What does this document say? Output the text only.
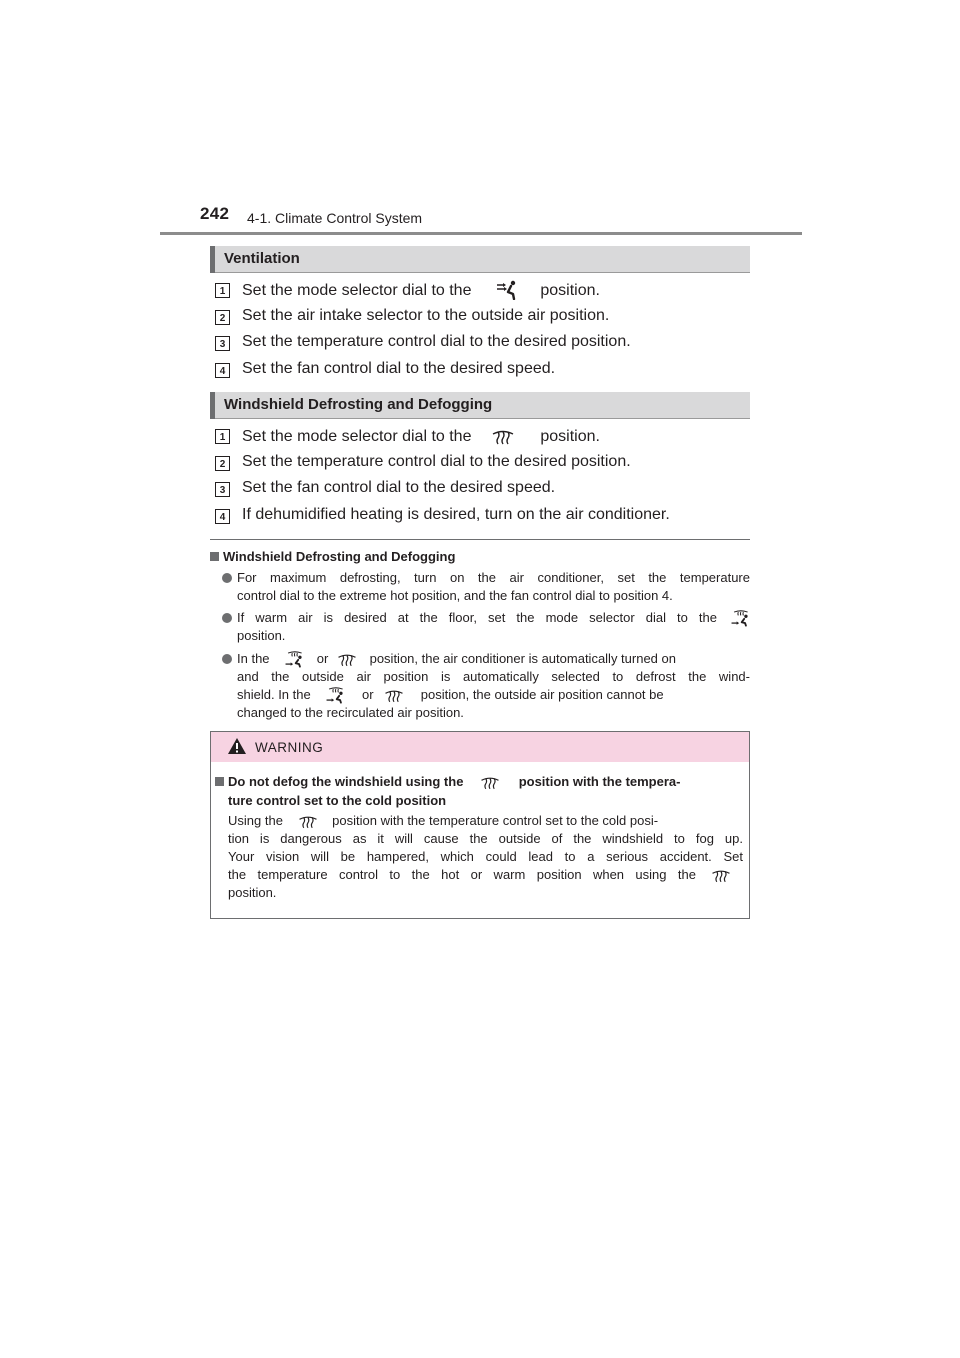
242 4-1. Climate Control System
Ventilation
1 Set the mode selector dial to the	position.
2 Set the air intake selector to the outside air position.
3 Set the temperature control dial to the desired position.
4 Set the fan control dial to the desired speed.
Windshield Defrosting and Defogging
1 Set the mode selector dial to the	position.
2 Set the temperature control dial to the desired position.
3 Set the fan control dial to the desired speed.
4 If dehumidified heating is desired, turn on the air conditioner.
Windshield Defrosting and Defogging
For maximum defrosting, turn on the air conditioner, set the temperature
control dial to the extreme hot position, and the fan control dial to position 4.
If warm air is desired at the floor, set the mode selector dial to the
position.
In the	or	position, the air conditioner is automatically turned on
and the outside air position is automatically selected to defrost the wind-
shield. In the	or	position, the outside air position cannot be
changed to the recirculated air position.
WARNING
Do not defog the windshield using the	position with the tempera-
ture control set to the cold position
Using the	position with the temperature control set to the cold posi-
tion is dangerous as it will cause the outside of the windshield to fog up.
Your vision will be hampered, which could lead to a serious accident. Set
the temperature control to the hot or warm position when using the
position.
